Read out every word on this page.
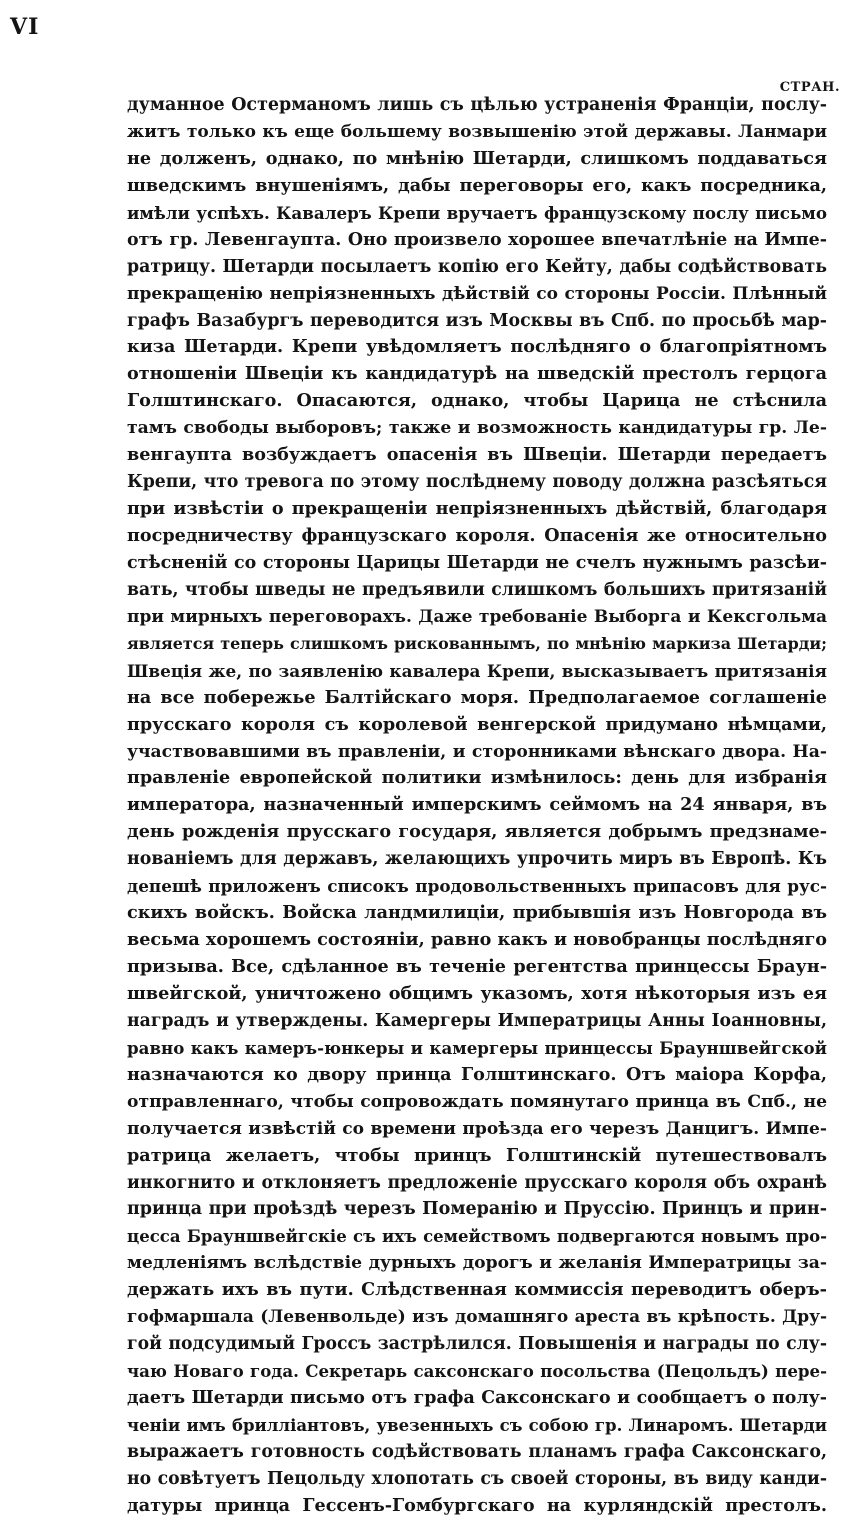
VI
СТРАН.
думанное Остерманомъ лишь съ цѣлью устраненія Франціи, послу-
житъ только къ еще большему возвышенію этой державы. Ланмари
не долженъ, однако, по мнѣнію Шетарди, слишкомъ поддаваться
шведскимъ внушеніямъ, дабы переговоры его, какъ посредника,
имѣли успѣхъ. Кавалеръ Крепи вручаетъ французскому послу письмо
отъ гр. Левенгаупта. Оно произвело хорошее впечатлѣніе на Импе-
ратрицу. Шетарди посылаетъ копію его Кейту, дабы содѣйствовать
прекращенію непріязненныхъ дѣйствій со стороны Россіи. Плѣнный
графъ Вазабургъ переводится изъ Москвы въ Спб. по просьбѣ мар-
киза Шетарди. Крепи увѣдомляетъ послѣдняго о благопріятномъ
отношеніи Швеціи къ кандидатурѣ на шведскій престолъ герцога
Голштинскаго. Опасаются, однако, чтобы Царица не стѣснила
тамъ свободы выборовъ; также и возможность кандидатуры гр. Ле-
венгаупта возбуждаетъ опасенія въ Швеціи. Шетарди передаетъ
Крепи, что тревога по этому послѣднему поводу должна разсѣяться
при извѣстіи о прекращеніи непріязненныхъ дѣйствій, благодаря
посредничеству французскаго короля. Опасенія же относительно
стѣсненій со стороны Царицы Шетарди не счелъ нужнымъ разсѣи-
вать, чтобы шведы не предъявили слишкомъ большихъ притязаній
при мирныхъ переговорахъ. Даже требованіе Выборга и Кексгольма
является теперь слишкомъ рискованнымъ, по мнѣнію маркиза Шетарди;
Швеція же, по заявленію кавалера Крепи, высказываетъ притязанія
на все побережье Балтійскаго моря. Предполагаемое соглашеніе
прусскаго короля съ королевой венгерской придумано нѣмцами,
участвовавшими въ правленіи, и сторонниками вѣнскаго двора. На-
правленіе европейской политики измѣнилось: день для избранія
императора, назначенный имперскимъ сеймомъ на 24 января, въ
день рожденія прусскаго государя, является добрымъ предзнаме-
нованіемъ для державъ, желающихъ упрочить миръ въ Европѣ. Къ
депешѣ приложенъ списокъ продовольственныхъ припасовъ для рус-
скихъ войскъ. Войска ландмилиціи, прибывшія изъ Новгорода въ
весьма хорошемъ состояніи, равно какъ и новобранцы послѣдняго
призыва. Все, сдѣланное въ теченіе регентства принцессы Браун-
швейгской, уничтожено общимъ указомъ, хотя нѣкоторыя изъ ея
наградъ и утверждены. Камергеры Императрицы Анны Іоанновны,
равно какъ камеръ-юнкеры и камергеры принцессы Брауншвейгской
назначаются ко двору принца Голштинскаго. Отъ маіора Корфа,
отправленнаго, чтобы сопровождать помянутаго принца въ Спб., не
получается извѣстій со времени проѣзда его черезъ Данцигъ. Импе-
ратрица желаетъ, чтобы принцъ Голштинскій путешествовалъ
инкогнито и отклоняетъ предложеніе прусскаго короля объ охранѣ
принца при проѣздѣ черезъ Померанію и Пруссію. Принцъ и прин-
цесса Брауншвейгскіе съ ихъ семействомъ подвергаются новымъ про-
медленіямъ вслѣдствіе дурныхъ дорогъ и желанія Императрицы за-
держать ихъ въ пути. Слѣдственная коммиссія переводитъ оберъ-
гофмаршала (Левенвольде) изъ домашняго ареста въ крѣпость. Дру-
гой подсудимый Гроссъ застрѣлился. Повышенія и награды по слу-
чаю Новаго года. Секретарь саксонскаго посольства (Пецольдъ) пере-
даетъ Шетарди письмо отъ графа Саксонскаго и сообщаетъ о полу-
ченіи имъ брилліантовъ, увезенныхъ съ собою гр. Линаромъ. Шетарди
выражаетъ готовность содѣйствовать планамъ графа Саксонскаго,
но совѣтуетъ Пецольду хлопотать съ своей стороны, въ виду канди-
датуры принца Гессенъ-Гомбургскаго на курляндскій престолъ.
